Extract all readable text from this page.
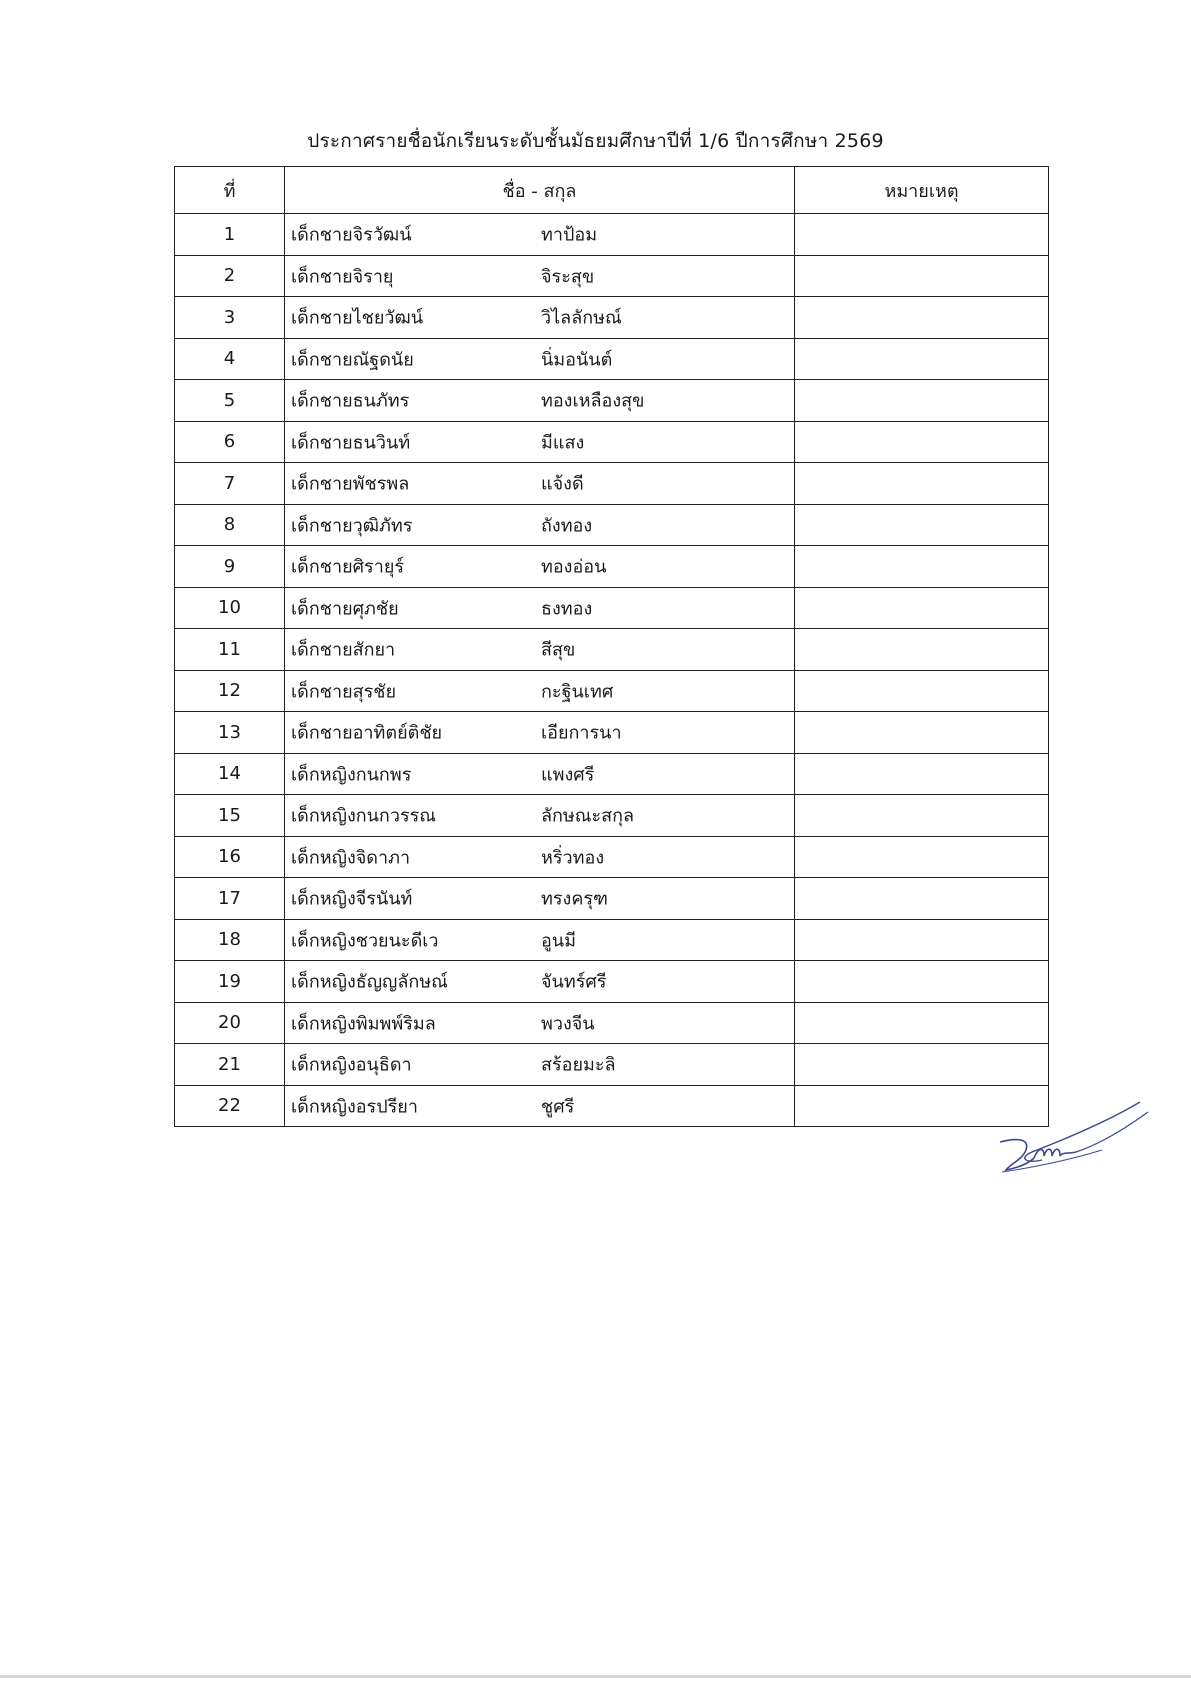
ประกาศรายชื่อนักเรียนระดับชั้นมัธยมศึกษาปีที่ 1/6 ปีการศึกษา 2569
ที่	ชื่อ - สกุล	หมายเหตุ
1	เด็กชายจิรวัฒน์ ทาป้อม	

2	เด็กชายจิรายุ จิระสุข	

3	เด็กชายไชยวัฒน์ วิไลลักษณ์	

4	เด็กชายณัฐดนัย นิ่มอนันต์	

5	เด็กชายธนภัทร ทองเหลืองสุข	

6	เด็กชายธนวินท์ มีแสง	

7	เด็กชายพัชรพล แจ้งดี	

8	เด็กชายวุฒิภัทร ถังทอง	

9	เด็กชายศิรายุร์ ทองอ่อน	

10	เด็กชายศุภชัย ธงทอง	

11	เด็กชายสักยา สีสุข	

12	เด็กชายสุรชัย กะฐินเทศ	

13	เด็กชายอาทิตย์ติชัย เอียการนา	

14	เด็กหญิงกนกพร แพงศรี	

15	เด็กหญิงกนกวรรณ ลักษณะสกุล	

16	เด็กหญิงจิดาภา หริ่วทอง	

17	เด็กหญิงจีรนันท์ ทรงครุฑ	

18	เด็กหญิงชวยนะดีเว อูนมี	

19	เด็กหญิงธัญญลักษณ์ จันทร์ศรี	

20	เด็กหญิงพิมพพ์ริมล พวงจีน	

21	เด็กหญิงอนุธิดา สร้อยมะลิ	

22	เด็กหญิงอรปรียา ชูศรี	
